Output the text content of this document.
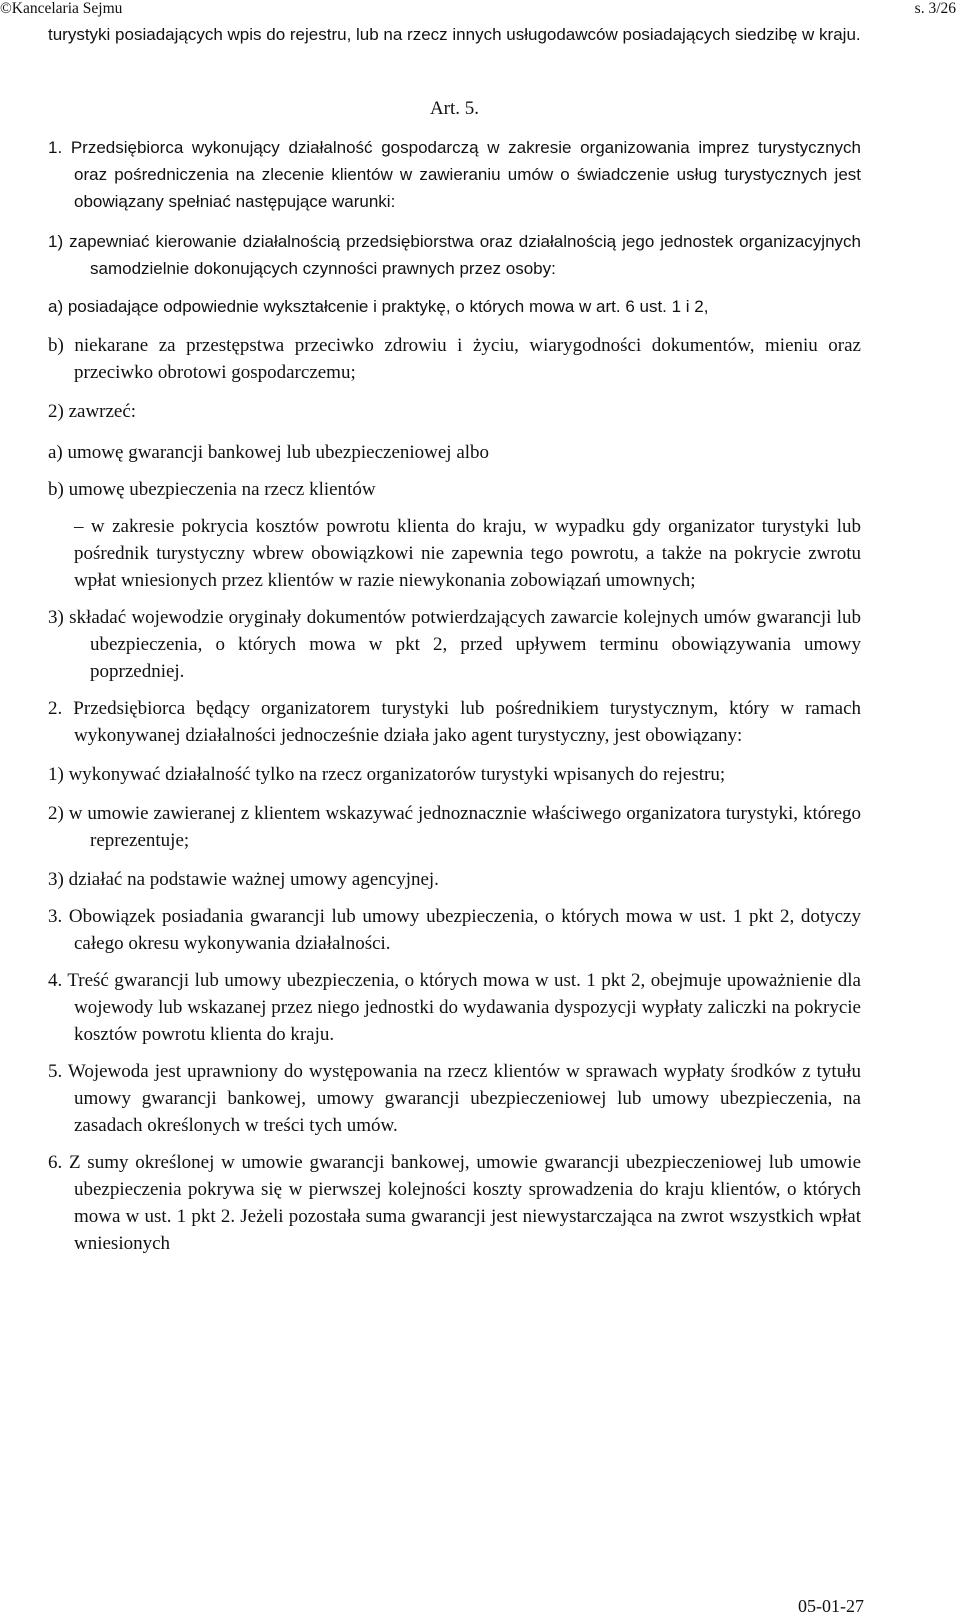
©Kancelaria Sejmu	s. 3/26

turystyki posiadających wpis do rejestru, lub na rzecz innych usługodawców posiadających siedzibę w kraju.

Art. 5.

1. Przedsiębiorca wykonujący działalność gospodarczą w zakresie organizowania imprez turystycznych oraz pośredniczenia na zlecenie klientów w zawieraniu umów o świadczenie usług turystycznych jest obowiązany spełniać następujące warunki:

1) zapewniać kierowanie działalnością przedsiębiorstwa oraz działalnością jego jednostek organizacyjnych samodzielnie dokonujących czynności prawnych przez osoby:

a) posiadające odpowiednie wykształcenie i praktykę, o których mowa w art. 6 ust. 1 i 2,

b) niekarane za przestępstwa przeciwko zdrowiu i życiu, wiarygodności dokumentów, mieniu oraz przeciwko obrotowi gospodarczemu;

2) zawrzeć:

a) umowę gwarancji bankowej lub ubezpieczeniowej albo

b) umowę ubezpieczenia na rzecz klientów

– w zakresie pokrycia kosztów powrotu klienta do kraju, w wypadku gdy organizator turystyki lub pośrednik turystyczny wbrew obowiązkowi nie zapewnia tego powrotu, a także na pokrycie zwrotu wpłat wniesionych przez klientów w razie niewykonania zobowiązań umownych;

3) składać wojewodzie oryginały dokumentów potwierdzających zawarcie kolejnych umów gwarancji lub ubezpieczenia, o których mowa w pkt 2, przed upływem terminu obowiązywania umowy poprzedniej.

2. Przedsiębiorca będący organizatorem turystyki lub pośrednikiem turystycznym, który w ramach wykonywanej działalności jednocześnie działa jako agent turystyczny, jest obowiązany:

1) wykonywać działalność tylko na rzecz organizatorów turystyki wpisanych do rejestru;

2) w umowie zawieranej z klientem wskazywać jednoznacznie właściwego organizatora turystyki, którego reprezentuje;

3) działać na podstawie ważnej umowy agencyjnej.

3. Obowiązek posiadania gwarancji lub umowy ubezpieczenia, o których mowa w ust. 1 pkt 2, dotyczy całego okresu wykonywania działalności.

4. Treść gwarancji lub umowy ubezpieczenia, o których mowa w ust. 1 pkt 2, obejmuje upoważnienie dla wojewody lub wskazanej przez niego jednostki do wydawania dyspozycji wypłaty zaliczki na pokrycie kosztów powrotu klienta do kraju.

5. Wojewoda jest uprawniony do występowania na rzecz klientów w sprawach wypłaty środków z tytułu umowy gwarancji bankowej, umowy gwarancji ubezpieczeniowej lub umowy ubezpieczenia, na zasadach określonych w treści tych umów.

6. Z sumy określonej w umowie gwarancji bankowej, umowie gwarancji ubezpieczeniowej lub umowie ubezpieczenia pokrywa się w pierwszej kolejności koszty sprowadzenia do kraju klientów, o których mowa w ust. 1 pkt 2. Jeżeli pozostała suma gwarancji jest niewystarczająca na zwrot wszystkich wpłat wniesionych

05-01-27
